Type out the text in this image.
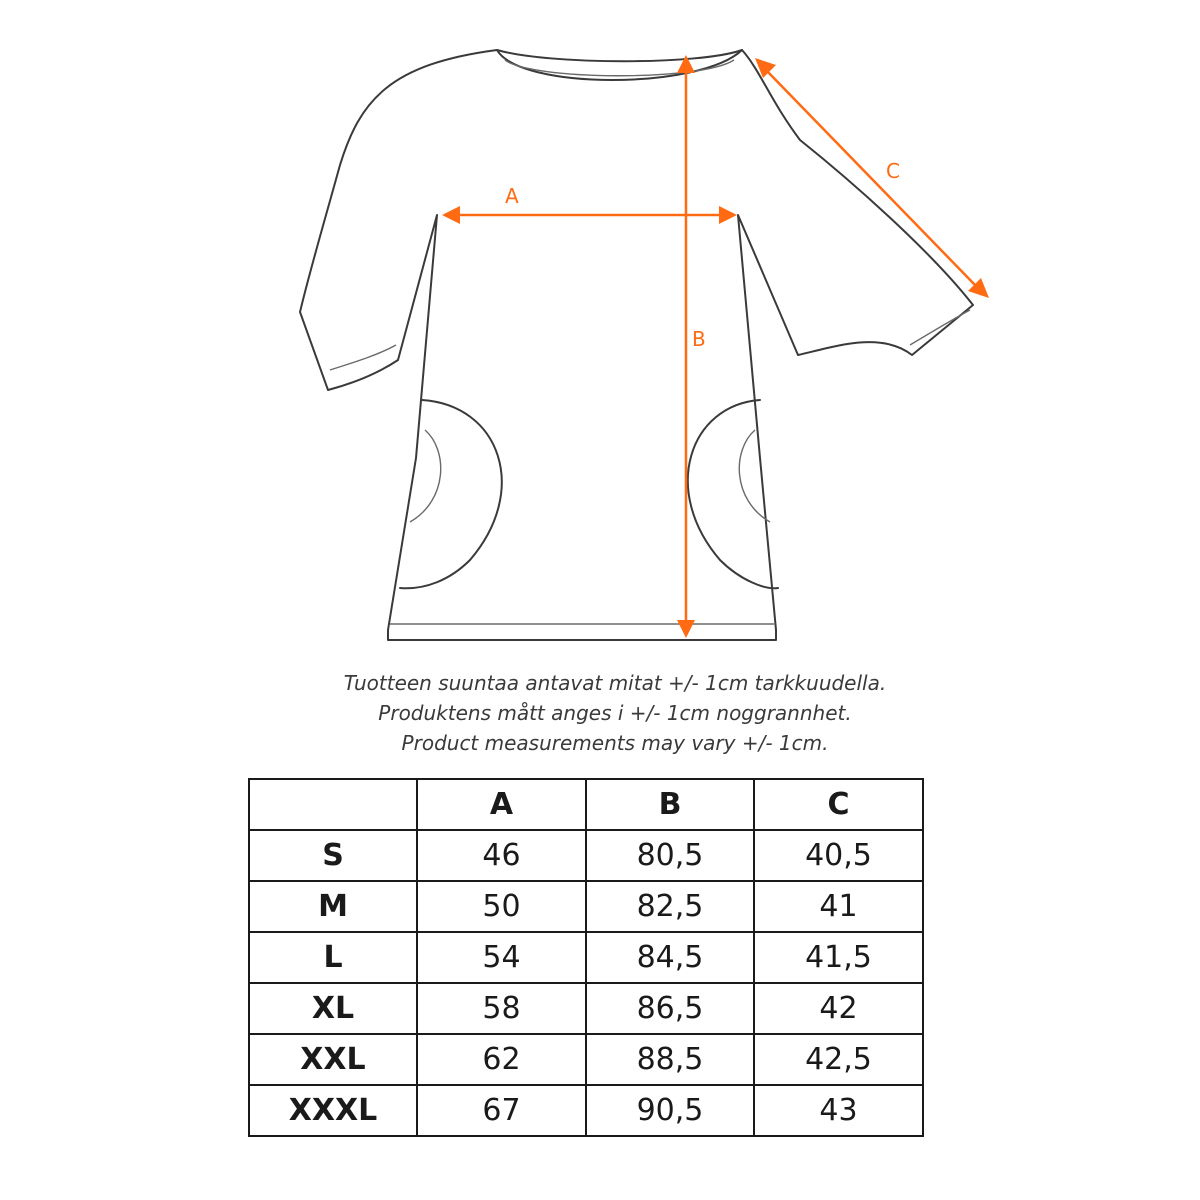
A
B
C
Tuotteen suuntaa antavat mitat +/- 1cm tarkkuudella.
Produktens mått anges i +/- 1cm noggrannhet.
Product measurements may vary +/- 1cm.
	A	B	C
S	46	80,5	40,5
M	50	82,5	41
L	54	84,5	41,5
XL	58	86,5	42
XXL	62	88,5	42,5
XXXL	67	90,5	43
